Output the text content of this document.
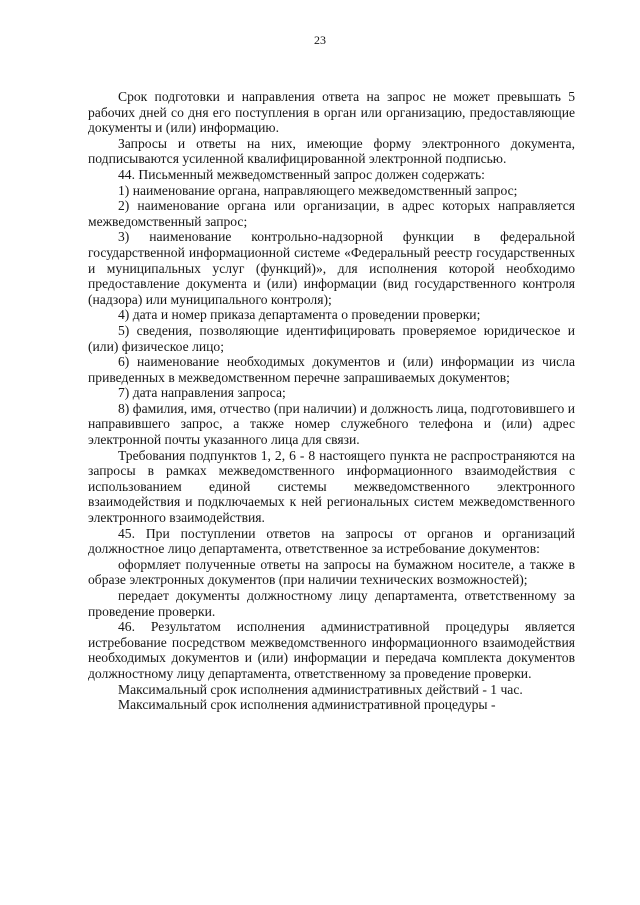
23

Срок подготовки и направления ответа на запрос не может превышать 5 рабочих дней со дня его поступления в орган или организацию, предоставляющие документы и (или) информацию.

Запросы и ответы на них, имеющие форму электронного документа, подписываются усиленной квалифицированной электронной подписью.

44. Письменный межведомственный запрос должен содержать:

1) наименование органа, направляющего межведомственный запрос;

2) наименование органа или организации, в адрес которых направляется межведомственный запрос;

3) наименование контрольно-надзорной функции в федеральной государственной информационной системе «Федеральный реестр государственных и муниципальных услуг (функций)», для исполнения которой необходимо предоставление документа и (или) информации (вид государственного контроля (надзора) или муниципального контроля);

4) дата и номер приказа департамента о проведении проверки;

5) сведения, позволяющие идентифицировать проверяемое юридическое и (или) физическое лицо;

6) наименование необходимых документов и (или) информации из числа приведенных в межведомственном перечне запрашиваемых документов;

7) дата направления запроса;

8) фамилия, имя, отчество (при наличии) и должность лица, подготовившего и направившего запрос, а также номер служебного телефона и (или) адрес электронной почты указанного лица для связи.

Требования подпунктов 1, 2, 6 - 8 настоящего пункта не распространяются на запросы в рамках межведомственного информационного взаимодействия с использованием единой системы межведомственного электронного взаимодействия и подключаемых к ней региональных систем межведомственного электронного взаимодействия.

45. При поступлении ответов на запросы от органов и организаций должностное лицо департамента, ответственное за истребование документов:

оформляет полученные ответы на запросы на бумажном носителе, а также в образе электронных документов (при наличии технических возможностей);

передает документы должностному лицу департамента, ответственному за проведение проверки.

46. Результатом исполнения административной процедуры является истребование посредством межведомственного информационного взаимодействия необходимых документов и (или) информации и передача комплекта документов должностному лицу департамента, ответственному за проведение проверки.

Максимальный срок исполнения административных действий - 1 час.

Максимальный срок исполнения административной процедуры -
